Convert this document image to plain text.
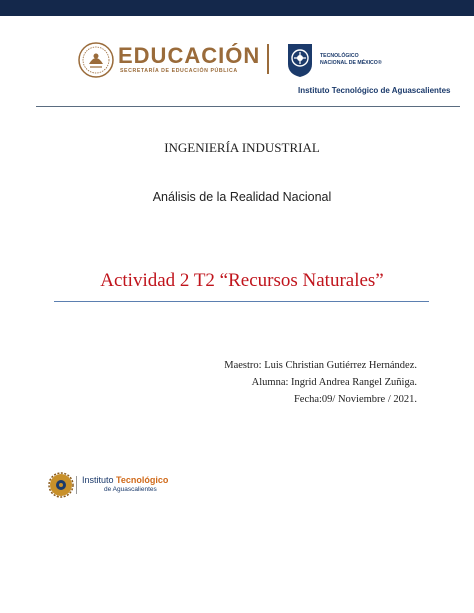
EDUCACIÓN
SECRETARÍA DE EDUCACIÓN PÚBLICA
TECNOLÓGICO
NACIONAL DE MÉXICO®
Instituto Tecnológico de Aguascalientes
INGENIERÍA INDUSTRIAL
Análisis de la Realidad Nacional
Actividad 2 T2 “Recursos Naturales”
Maestro: Luis Christian Gutiérrez Hernández.
Alumna: Ingrid Andrea Rangel Zuñiga.
Fecha:09/ Noviembre / 2021.
Instituto Tecnológico
de Aguascalientes
